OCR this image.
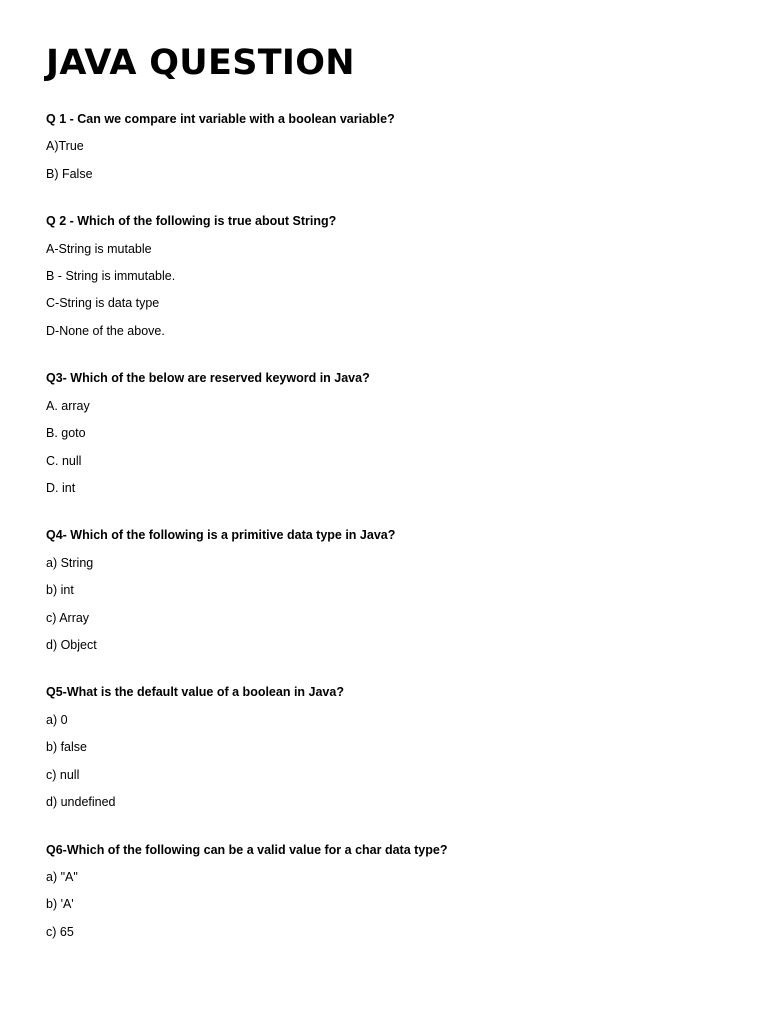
JAVA QUESTION
Q 1 - Can we compare int variable with a boolean variable?
A)True
B) False
Q 2 - Which of the following is true about String?
A-String is mutable
B - String is immutable.
C-String is data type
D-None of the above.
Q3- Which of the below are reserved keyword in Java?
A. array
B. goto
C. null
D. int
Q4- Which of the following is a primitive data type in Java?
a) String
b) int
c) Array
d) Object
Q5-What is the default value of a boolean in Java?
a) 0
b) false
c) null
d) undefined
Q6-Which of the following can be a valid value for a char data type?
a) "A"
b) 'A'
c) 65
